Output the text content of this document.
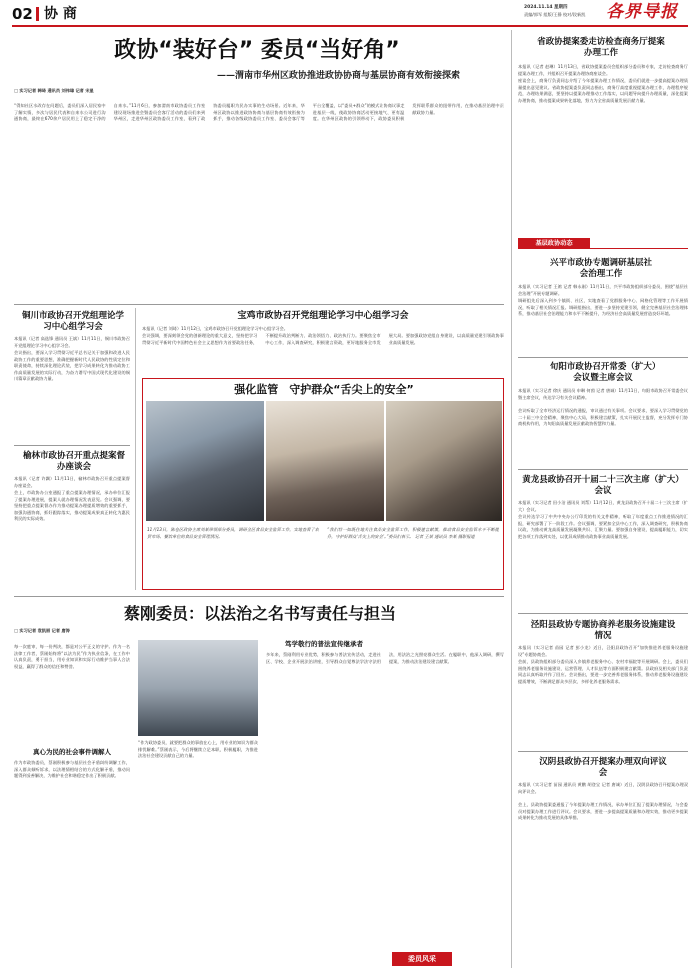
02 协 商	2024.11.14 星期四
责编/郭军 组版/王静 校对/段新凯 各界导报
政协“装好台” 委员“当好角”
——渭南市华州区政协推进政协协商与基层协商有效衔接探索
□ 实习记者 韩琦 通讯员 刘伟璋 记者 宋星
“得知社区水改存在问题后，委员们深入居民家中了解实情，多次与居民代表和自来水公司进行沟通协商，最终在670余户居民用上了稳定干净的自来水。”11月6日，参加渭南市政协委员工作室建设现场推进会暨委员会客厅活动的委员们来到华州区，走进华州区政协委员工作室，看到了政协委员履职为民办实事的生动场景。近年来，华州区政协以推进政协协商与基层协商有效衔接为抓手，推动各级政协委员工作室、委员会客厅等平台全覆盖，以“委员+群众”的模式让协商议事走进基层一线，使政协协商活动更接地气、更有温度。在华州区政协的引领带动下，政协委员积极发挥联系群众的纽带作用，在推动基层治理中贡献政协力量。
省政协提案委走访检查商务厅提案办理工作
本报讯（记者 赵琳）11月13日，省政协提案委员会组织部分委员和专家，走访检查商务厅提案办理工作，并组织召开提案办理协商座谈会。
座谈会上，商务厅负责同志介绍了今年提案办理工作情况，委员们就进一步提高提案办理质量提出意见建议。省政协提案委负责同志指出，商务厅高度重视提案办理工作，办理程序规范，办理结果满意，要坚持以提案办理推动工作落实，以问题导向提升办理质量，深化提案办理协商，推动提案成果转化落地，努力为全省高质量发展贡献力量。
基层政协动态
兴平市政协专题调研基层社会治理工作
本报讯（实习记者 王鸽 记者 韩永刚）11月11日，兴平市政协组织部分委员，围绕“基层社会治理”开展专题调研。
调研组先后深入到多个镇街、社区，实地查看了党群服务中心、网格化管理等工作开展情况，听取了相关情况汇报。调研组指出，要进一步坚持党建引领，健全完善基层社会治理体系，推动基层社会治理能力和水平不断提升，为经济社会高质量发展营造良好环境。
旬阳市政协召开常委（扩大）会议暨主席会议
本报讯（实习记者 徐庆 通讯员 申琳 何茵 记者 唐诚）11月11日，旬阳市政协召开常委会议暨主席会议，传达学习有关会议精神。
会议听取了全市经济运行情况的通报，审议通过有关事项。会议要求，要深入学习贯彻党的二十届三中全会精神，聚焦中心大局，积极建言献策，扎实开展民主监督，充分发挥专门协商机构作用，为旬阳高质量发展贡献政协智慧和力量。
黄龙县政协召开十届二十三次主席（扩大）会议
本报讯（实习记者 田小洁 通讯员 刘帮）11月12日，黄龙县政协召开十届二十三次主席（扩大）会议。
会议传达学习了中共中央办公厅印发的有关文件精神，听取了年度重点工作推进情况的汇报，研究部署了下一阶段工作。会议强调，要紧扣全县中心工作，深入调查研究，积极协商议政，为推动黄龙高质量发展凝聚共识、汇聚力量。要加强自身建设，提高履职能力，切实把各项工作落到实处，以优异成绩推动政协事业高质量发展。
泾阳县政协专题协商养老服务设施建设情况
本报讯（实习记者 苗园 记者 彭小龙）近日，泾阳县政协召开“加快推进养老服务设施建设”专题协商会。
会前，县政协组织部分委员深入乡镇养老服务中心、农村幸福院等开展调研。会上，委员们围绕养老服务设施建设、运营管理、人才队伍等方面积极建言献策。县政府及相关部门负责同志认真听取并作了回应。会议指出，要进一步完善养老服务体系，推动养老服务设施建设提质增效，不断满足群众多层次、多样化养老服务需求。
汉阴县政协召开提案办理双向评议会
本报讯（实习记者 苗园 通讯员 黄鹏 胡登宝 记者 唐诚）近日，汉阴县政协召开提案办理双向评议会。
会上，县政协提案委通报了今年提案办理工作情况，承办单位汇报了提案办理情况，与会委员对提案办理工作进行评议。会议要求，要进一步提高提案质量和办理实效，推动更多提案成果转化为推动发展的具体举措。
铜川市政协召开党组理论学习中心组学习会
本报讯（记者 高选锋 通讯员 王斌）11月11日，铜川市政协召开党组理论学习中心组学习会。
会议指出，要深入学习贯彻习近平总书记关于加强和改进人民政协工作的重要思想，准确把握新时代人民政协的性质定位和职责使命，持续深化理论武装，把学习成果转化为推动政协工作高质量发展的实际行动，为奋力谱写中国式现代化建设的铜川篇章贡献政协力量。
榆林市政协召开重点提案督办座谈会
本报讯（记者 许飘）11月11日，榆林市政协召开重点提案督办座谈会。
会上，市政协办公室通报了重点提案办理情况，承办单位汇报了提案办理进展，提案人就办理情况发表意见。会议强调，要坚持把重点提案督办作为推动提案办理提质增效的重要抓手，加强沟通协商，抓好跟踪落实，推动提案成果真正转化为惠民利民的实际成效。
宝鸡市政协召开党组理论学习中心组学习会
本报讯（记者 刘琦）11月12日，宝鸡市政协召开党组理论学习中心组学习会。
会议强调，要深刻领会党的创新理论的重大意义，坚持把学习贯彻习近平新时代中国特色社会主义思想作为首要政治任务，不断提升政治判断力、政治领悟力、政治执行力。要聚焦全市中心工作，深入调查研究，积极建言资政，更好地服务全市发展大局。要加强政协党组自身建设，以高质量党建引领政协事业高质量发展。
强化监管　守护群众“舌尖上的安全”
11月13日，陈仓区政协主席刘某带领部分委员，调研全区食品安全监管工作，实地查看了农贸市场、餐饮单位的食品安全管理情况。
“我们将一如既往地关注食品安全监管工作，积极建言献策，推动食品安全监管水平不断提升，守护好群众‘舌尖上的安全’。”委员们表示。 记者 王某 通讯员 李某 摄影报道
蔡刚委员：以法治之名书写责任与担当
□ 实习记者 袁凯丽 记者 唐涛
每一次庭审，每一份判决，都是对公平正义的守护。作为一名法律工作者，蔡刚始终将“以法为民”作为执业信条，在工作中认真负责，勇于担当，用专业知识和实际行动维护当事人合法权益，赢得了群众的信任和赞誉。
真心为民的社会事件调解人
作为市政协委员，蔡刚积极参与基层社会矛盾纠纷调解工作，深入群众倾听诉求，以法理情相结合的方式化解矛盾，推动问题得到妥善解决，为维护社会和谐稳定作出了积极贡献。
“作为政协委员，就要把群众的事放在心上，用专业的知识为群众排忧解难。”蔡刚表示，今后将继续立足本职，积极履职，为推进法治社会建设贡献自己的力量。
笃学敬行的普法宣传继承者
多年来，蔡刚利用专业优势，积极参与普法宣传活动，走进社区、学校、企业开展法治讲座，引导群众自觉尊法学法守法用法，用法治之光照亮群众生活。在履职中，他深入调研，撰写提案，为推动法治建设建言献策。
委员风采
